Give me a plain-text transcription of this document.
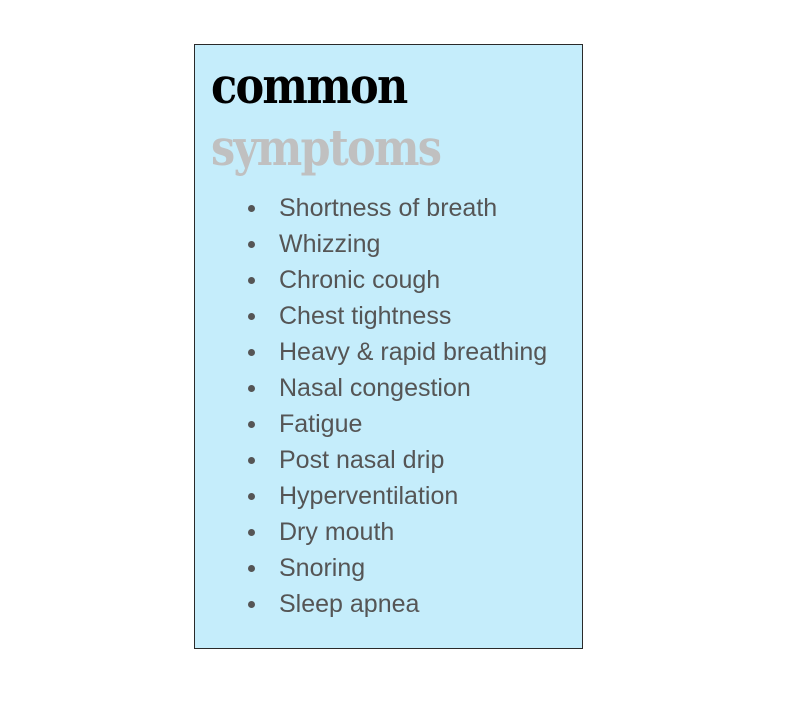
common
symptoms
Shortness of breath
Whizzing
Chronic cough
Chest tightness
Heavy & rapid breathing
Nasal congestion
Fatigue
Post nasal drip
Hyperventilation
Dry mouth
Snoring
Sleep apnea
